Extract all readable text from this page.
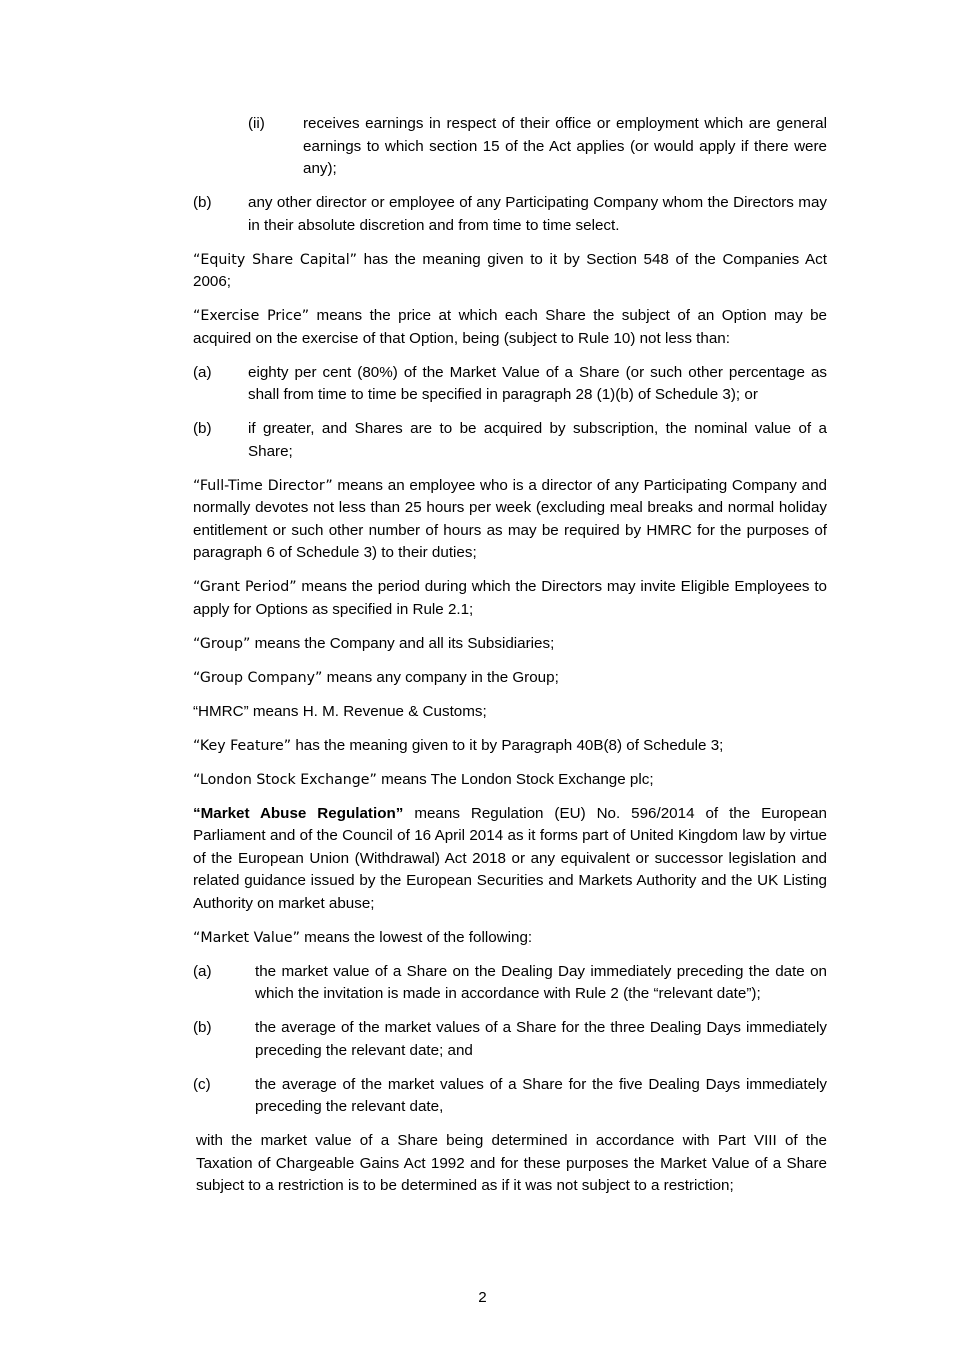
(ii)	receives earnings in respect of their office or employment which are general earnings to which section 15 of the Act applies (or would apply if there were any);
(b)	any other director or employee of any Participating Company whom the Directors may in their absolute discretion and from time to time select.

“Equity Share Capital” has the meaning given to it by Section 548 of the Companies Act 2006;

“Exercise Price” means the price at which each Share the subject of an Option may be acquired on the exercise of that Option, being (subject to Rule 10) not less than:

(a)	eighty per cent (80%) of the Market Value of a Share (or such other percentage as shall from time to time be specified in paragraph 28 (1)(b) of Schedule 3); or
(b)	if greater, and Shares are to be acquired by subscription, the nominal value of a Share;

“Full-Time Director” means an employee who is a director of any Participating Company and normally devotes not less than 25 hours per week (excluding meal breaks and normal holiday entitlement or such other number of hours as may be required by HMRC for the purposes of paragraph 6 of Schedule 3) to their duties;

“Grant Period” means the period during which the Directors may invite Eligible Employees to apply for Options as specified in Rule 2.1;

“Group” means the Company and all its Subsidiaries;

“Group Company” means any company in the Group;

“HMRC” means H. M. Revenue & Customs;

“Key Feature” has the meaning given to it by Paragraph 40B(8) of Schedule 3;

“London Stock Exchange” means The London Stock Exchange plc;

“Market Abuse Regulation” means Regulation (EU) No. 596/2014 of the European Parliament and of the Council of 16 April 2014 as it forms part of United Kingdom law by virtue of the European Union (Withdrawal) Act 2018 or any equivalent or successor legislation and related guidance issued by the European Securities and Markets Authority and the UK Listing Authority on market abuse;

“Market Value” means the lowest of the following:

(a)	the market value of a Share on the Dealing Day immediately preceding the date on which the invitation is made in accordance with Rule 2 (the “relevant date”);
(b)	the average of the market values of a Share for the three Dealing Days immediately preceding the relevant date; and
(c)	the average of the market values of a Share for the five Dealing Days immediately preceding the relevant date,

with the market value of a Share being determined in accordance with Part VIII of the Taxation of Chargeable Gains Act 1992 and for these purposes the Market Value of a Share subject to a restriction is to be determined as if it was not subject to a restriction;

2
